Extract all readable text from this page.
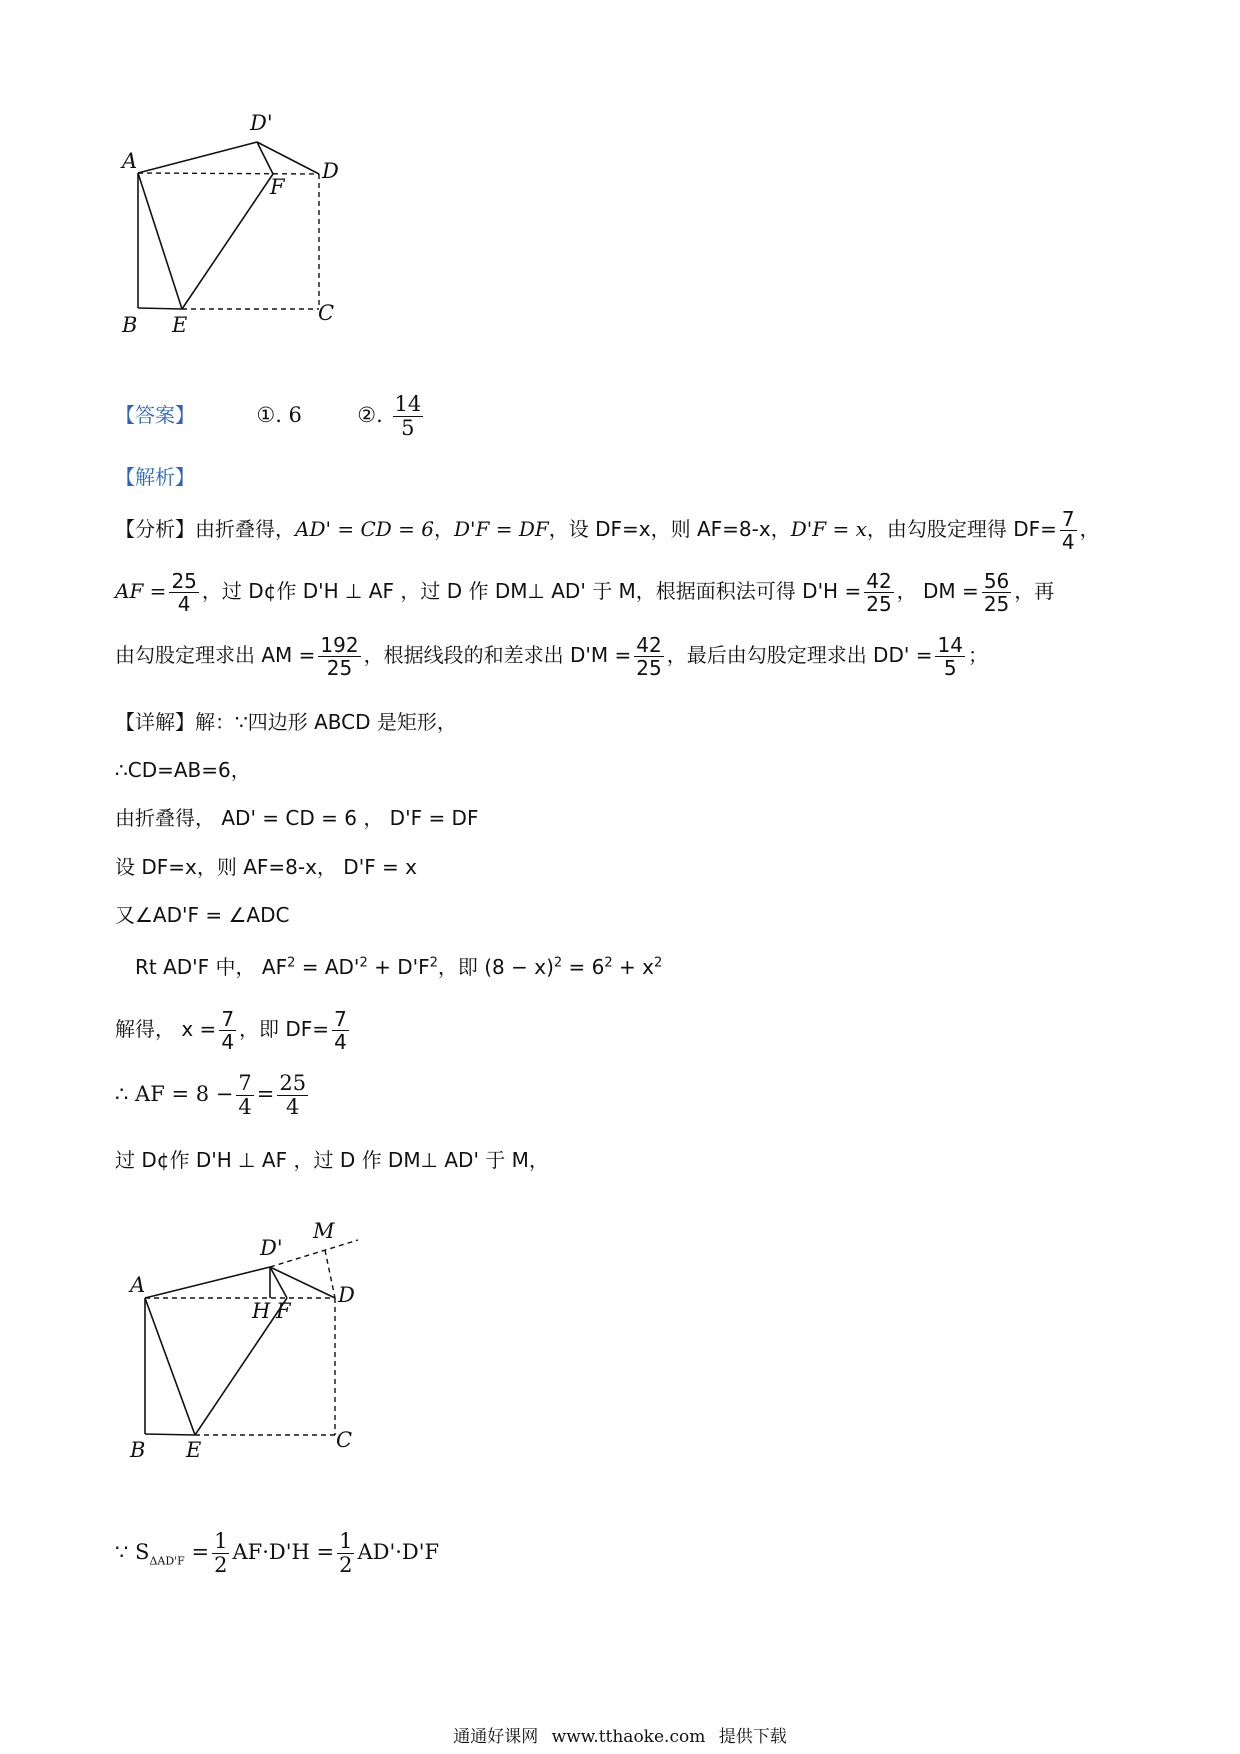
A
B E	C
D
F
D'
【答案】	①. 6	②. $\frac{14}{5}$
【解析】
【分析】由折叠得，AD' = CD = 6，D'F = DF，设 DF=x，则 AF=8-x，D'F = x，由勾股定理得 $DF= \frac{7}{4}$ ，
AF = $\frac{25}{4}$ ，过 D¢作 D'H ⊥ AF ，过 D 作 DM⊥ AD' 于 M，根据面积法可得 $D'H = \frac{42}{25}$ ， DM = $\frac{56}{25}$ ，再
由勾股定理求出 AM = $\frac{192}{25}$ ，根据线段的和差求出 $D'M = \frac{42}{25}$ ，最后由勾股定理求出 $DD' = \frac{14}{5}$ ；
【详解】解：∵四边形 ABCD 是矩形，
∴CD=AB=6，
由折叠得， AD' = CD = 6 ， D'F = DF
设 DF=x，则 AF=8-x， D'F = x
又∠AD'F = ∠ADC
Rt AD'F 中， $AF^2 = AD'^2 + D'F^2$，即 $(8 - x)^2 = 6^2 + x^2$
解得， $x = \frac{7}{4}$ ，即 $DF= \frac{7}{4}$
∴ AF = $8 - \frac{7}{4} = \frac{25}{4}$
过 D¢作 D'H ⊥ AF ，过 D 作 DM⊥ AD' 于 M，
A
B E	C
D
H F
D'
M
∵ $S_{\Delta AD'F} = \frac{1}{2} AF\cdot D'H = \frac{1}{2} AD'\cdot D'F$
通通好课网 www.tthaoke.com 提供下载
